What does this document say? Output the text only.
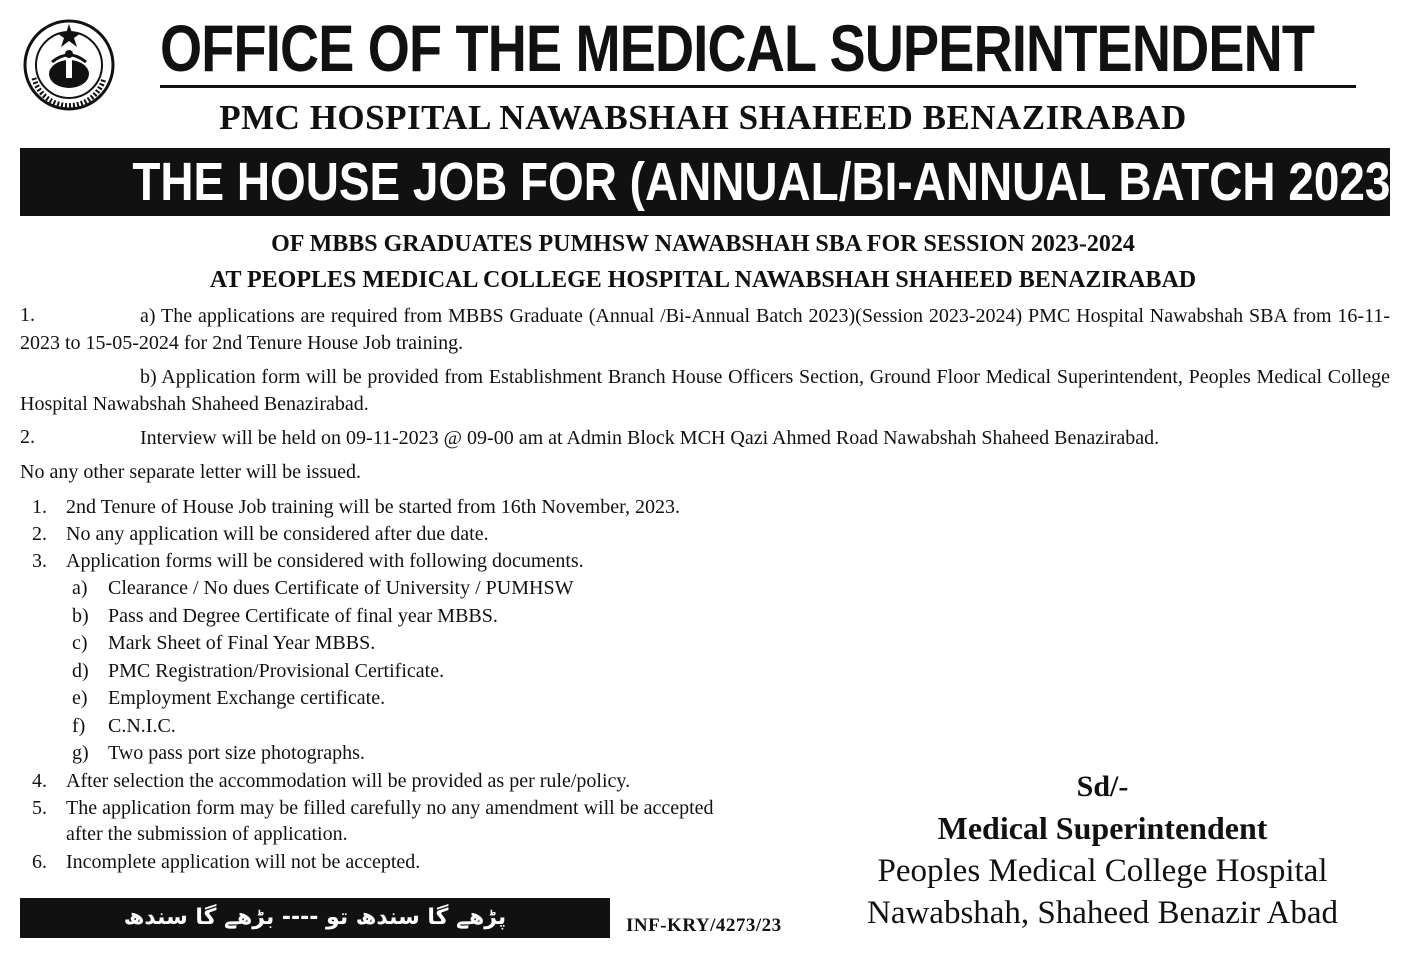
OFFICE OF THE MEDICAL SUPERINTENDENT
PMC HOSPITAL NAWABSHAH SHAHEED BENAZIRABAD
THE HOUSE JOB FOR (ANNUAL/BI-ANNUAL BATCH 2023)
OF MBBS GRADUATES PUMHSW NAWABSHAH SBA FOR SESSION 2023-2024
AT PEOPLES MEDICAL COLLEGE HOSPITAL NAWABSHAH SHAHEED BENAZIRABAD
1.	a) The applications are required from MBBS Graduate (Annual /Bi-Annual Batch 2023)(Session 2023-2024) PMC Hospital Nawabshah SBA from 16-11-2023 to 15-05-2024 for 2nd Tenure House Job training.
b) Application form will be provided from Establishment Branch House Officers Section, Ground Floor Medical Superintendent, Peoples Medical College Hospital Nawabshah Shaheed Benazirabad.
2.	Interview will be held on 09-11-2023 @ 09-00 am at Admin Block MCH Qazi Ahmed Road Nawabshah Shaheed Benazirabad.
No any other separate letter will be issued.
1. 2nd Tenure of House Job training will be started from 16th November, 2023.
2. No any application will be considered after due date.
3. Application forms will be considered with following documents.
a) Clearance / No dues Certificate of University / PUMHSW
b) Pass and Degree Certificate of final year MBBS.
c) Mark Sheet of Final Year MBBS.
d) PMC Registration/Provisional Certificate.
e) Employment Exchange certificate.
f) C.N.I.C.
g) Two pass port size photographs.
4. After selection the accommodation will be provided as per rule/policy.
5. The application form may be filled carefully no any amendment will be accepted
after the submission of application.
6. Incomplete application will not be accepted.
Sd/-
Medical Superintendent
Peoples Medical College Hospital
Nawabshah, Shaheed Benazir Abad
پڑھے گا سندھ تو ---- بڑھے گا سندھ	INF-KRY/4273/23
